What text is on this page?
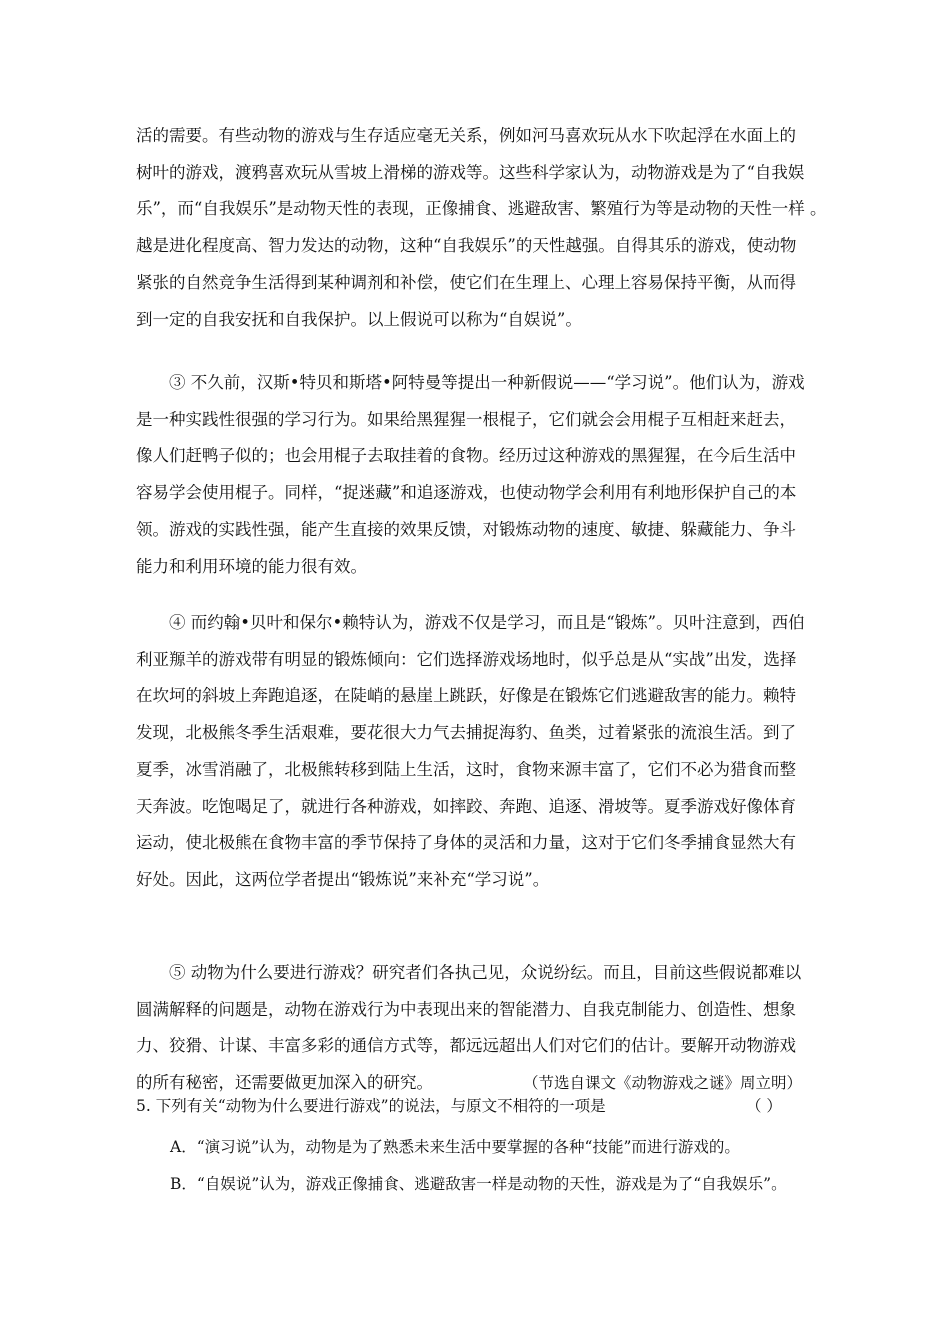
活的需要。有些动物的游戏与生存适应毫无关系，例如河马喜欢玩从水下吹起浮在水面上的
树叶的游戏，渡鸦喜欢玩从雪坡上滑梯的游戏等。这些科学家认为，动物游戏是为了“自我娱
乐”，而“自我娱乐”是动物天性的表现，正像捕食、逃避敌害、繁殖行为等是动物的天性一样 。
越是进化程度高、智力发达的动物，这种“自我娱乐”的天性越强。自得其乐的游戏，使动物
紧张的自然竞争生活得到某种调剂和补偿，使它们在生理上、心理上容易保持平衡，从而得
到一定的自我安抚和自我保护。以上假说可以称为“自娱说”。
③ 不久前，汉斯•特贝和斯塔•阿特曼等提出一种新假说——“学习说”。他们认为，游戏
是一种实践性很强的学习行为。如果给黑猩猩一根棍子，它们就会会用棍子互相赶来赶去，
像人们赶鸭子似的；也会用棍子去取挂着的食物。经历过这种游戏的黑猩猩，在今后生活中
容易学会使用棍子。同样，“捉迷藏”和追逐游戏，也使动物学会利用有利地形保护自己的本
领。游戏的实践性强，能产生直接的效果反馈，对锻炼动物的速度、敏捷、躲藏能力、争斗
能力和利用环境的能力很有效。
④ 而约翰•贝叶和保尔•赖特认为，游戏不仅是学习，而且是“锻炼”。贝叶注意到，西伯
利亚羱羊的游戏带有明显的锻炼倾向：它们选择游戏场地时，似乎总是从“实战”出发，选择
在坎坷的斜坡上奔跑追逐，在陡峭的悬崖上跳跃，好像是在锻炼它们逃避敌害的能力。赖特
发现，北极熊冬季生活艰难，要花很大力气去捕捉海豹、鱼类，过着紧张的流浪生活。到了
夏季，冰雪消融了，北极熊转移到陆上生活，这时，食物来源丰富了，它们不必为猎食而整
天奔波。吃饱喝足了，就进行各种游戏，如摔跤、奔跑、追逐、滑坡等。夏季游戏好像体育
运动，使北极熊在食物丰富的季节保持了身体的灵活和力量，这对于它们冬季捕食显然大有
好处。因此，这两位学者提出“锻炼说”来补充“学习说”。
⑤ 动物为什么要进行游戏？研究者们各执己见，众说纷纭。而且，目前这些假说都难以
圆满解释的问题是，动物在游戏行为中表现出来的智能潜力、自我克制能力、创造性、想象
力、狡猾、计谋、丰富多彩的通信方式等，都远远超出人们对它们的估计。要解开动物游戏
的所有秘密，还需要做更加深入的研究。	（节选自课文《动物游戏之谜》周立明）
5. 下列有关“动物为什么要进行游戏”的说法，与原文不相符的一项是	（ ）
A．“演习说”认为，动物是为了熟悉未来生活中要掌握的各种“技能”而进行游戏的。
B．“自娱说”认为，游戏正像捕食、逃避敌害一样是动物的天性，游戏是为了“自我娱乐”。
